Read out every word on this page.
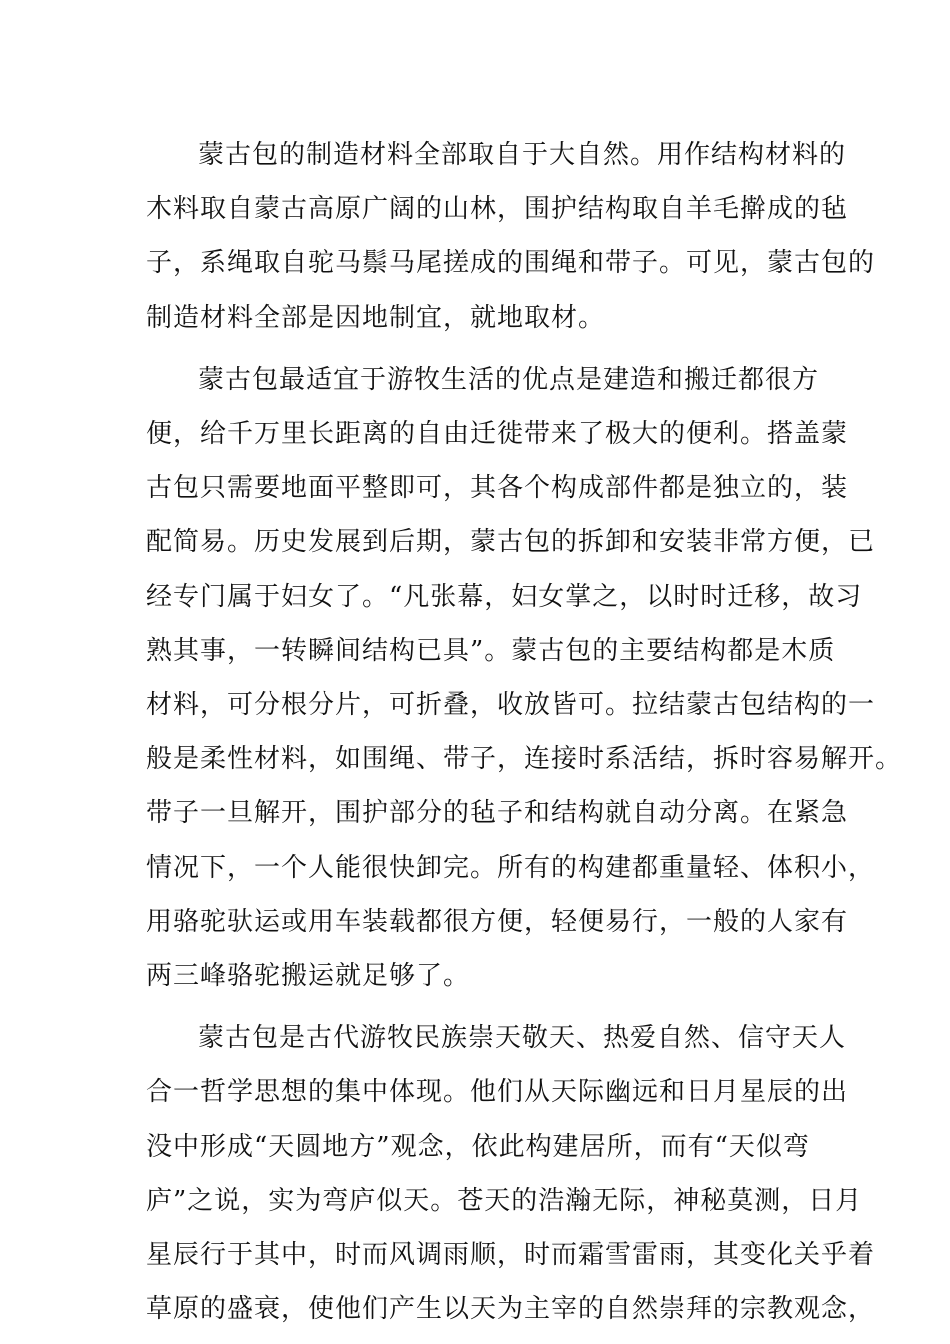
蒙古包的制造材料全部取自于大自然。用作结构材料的
木料取自蒙古高原广阔的山林，围护结构取自羊毛擀成的毡
子，系绳取自驼马鬃马尾搓成的围绳和带子。可见，蒙古包的
制造材料全部是因地制宜，就地取材。

蒙古包最适宜于游牧生活的优点是建造和搬迁都很方
便，给千万里长距离的自由迁徙带来了极大的便利。搭盖蒙
古包只需要地面平整即可，其各个构成部件都是独立的，装
配简易。历史发展到后期，蒙古包的拆卸和安装非常方便，已
经专门属于妇女了。“凡张幕，妇女掌之，以时时迁移，故习
熟其事，一转瞬间结构已具”。蒙古包的主要结构都是木质
材料，可分根分片，可折叠，收放皆可。拉结蒙古包结构的一
般是柔性材料，如围绳、带子，连接时系活结，拆时容易解开。
带子一旦解开，围护部分的毡子和结构就自动分离。在紧急
情况下，一个人能很快卸完。所有的构建都重量轻、体积小，
用骆驼驮运或用车装载都很方便，轻便易行，一般的人家有
两三峰骆驼搬运就足够了。

蒙古包是古代游牧民族崇天敬天、热爱自然、信守天人
合一哲学思想的集中体现。他们从天际幽远和日月星辰的出
没中形成“天圆地方”观念，依此构建居所，而有“天似弯
庐”之说，实为弯庐似天。苍天的浩瀚无际，神秘莫测，日月
星辰行于其中，时而风调雨顺，时而霜雪雷雨，其变化关乎着
草原的盛衰，使他们产生以天为主宰的自然崇拜的宗教观念，
